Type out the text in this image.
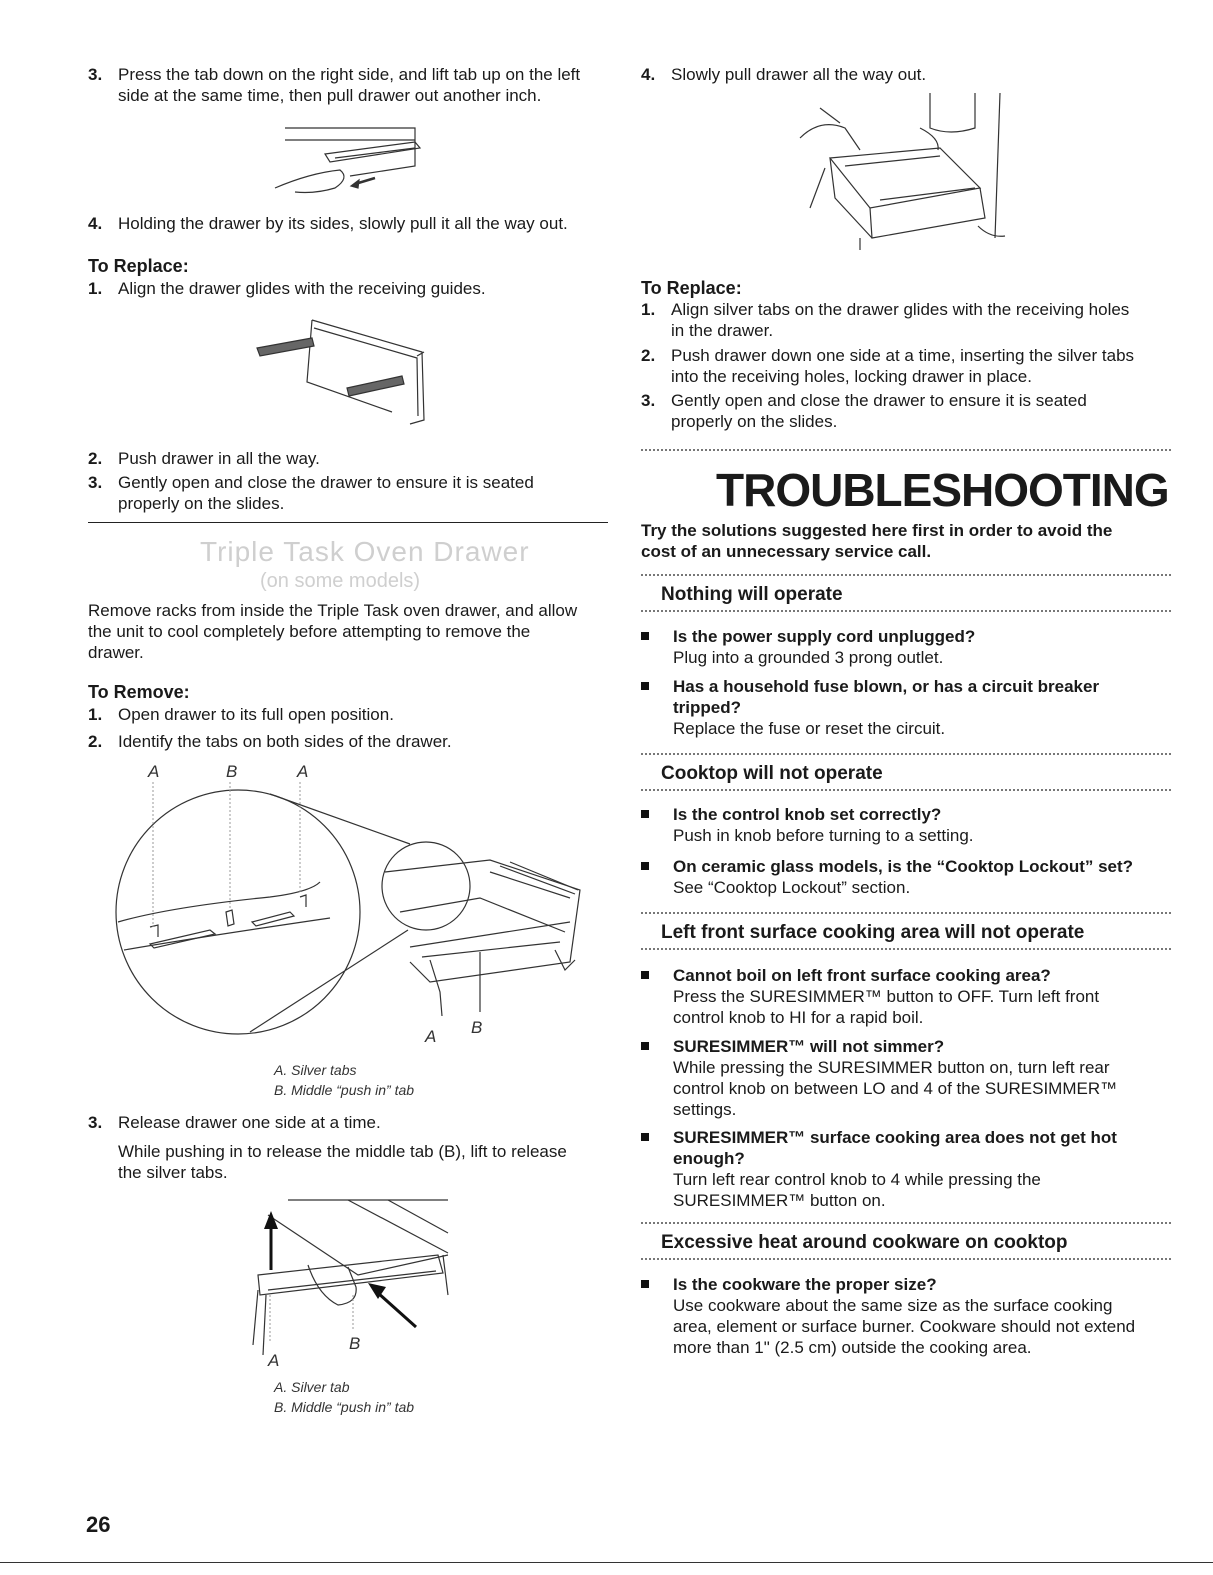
3. Press the tab down on the right side, and lift tab up on the left
side at the same time, then pull drawer out another inch.
4. Holding the drawer by its sides, slowly pull it all the way out.
To Replace:
1. Align the drawer glides with the receiving guides.
2. Push drawer in all the way.
3. Gently open and close the drawer to ensure it is seated
properly on the slides.
Triple Task Oven Drawer
(on some models)
Remove racks from inside the Triple Task oven drawer, and allow
the unit to cool completely before attempting to remove the
drawer.
To Remove:
1. Open drawer to its full open position.
2. Identify the tabs on both sides of the drawer.
A	B	A
A B
A. Silver tabs
B. Middle “push in” tab
3. Release drawer one side at a time.
While pushing in to release the middle tab (B), lift to release
the silver tabs.
B
A
A. Silver tab
B. Middle “push in” tab
26
4. Slowly pull drawer all the way out.
To Replace:
1. Align silver tabs on the drawer glides with the receiving holes
in the drawer.
2. Push drawer down one side at a time, inserting the silver tabs
into the receiving holes, locking drawer in place.
3. Gently open and close the drawer to ensure it is seated
properly on the slides.
TROUBLESHOOTING
Try the solutions suggested here first in order to avoid the
cost of an unnecessary service call.
Nothing will operate
Is the power supply cord unplugged?
Plug into a grounded 3 prong outlet.
Has a household fuse blown, or has a circuit breaker
tripped?
Replace the fuse or reset the circuit.
Cooktop will not operate
Is the control knob set correctly?
Push in knob before turning to a setting.
On ceramic glass models, is the “Cooktop Lockout” set?
See “Cooktop Lockout” section.
Left front surface cooking area will not operate
Cannot boil on left front surface cooking area?
Press the SURESIMMER™ button to OFF. Turn left front
control knob to HI for a rapid boil.
SURESIMMER™ will not simmer?
While pressing the SURESIMMER button on, turn left rear
control knob on between LO and 4 of the SURESIMMER™
settings.
SURESIMMER™ surface cooking area does not get hot
enough?
Turn left rear control knob to 4 while pressing the
SURESIMMER™ button on.
Excessive heat around cookware on cooktop
Is the cookware the proper size?
Use cookware about the same size as the surface cooking
area, element or surface burner. Cookware should not extend
more than 1" (2.5 cm) outside the cooking area.
